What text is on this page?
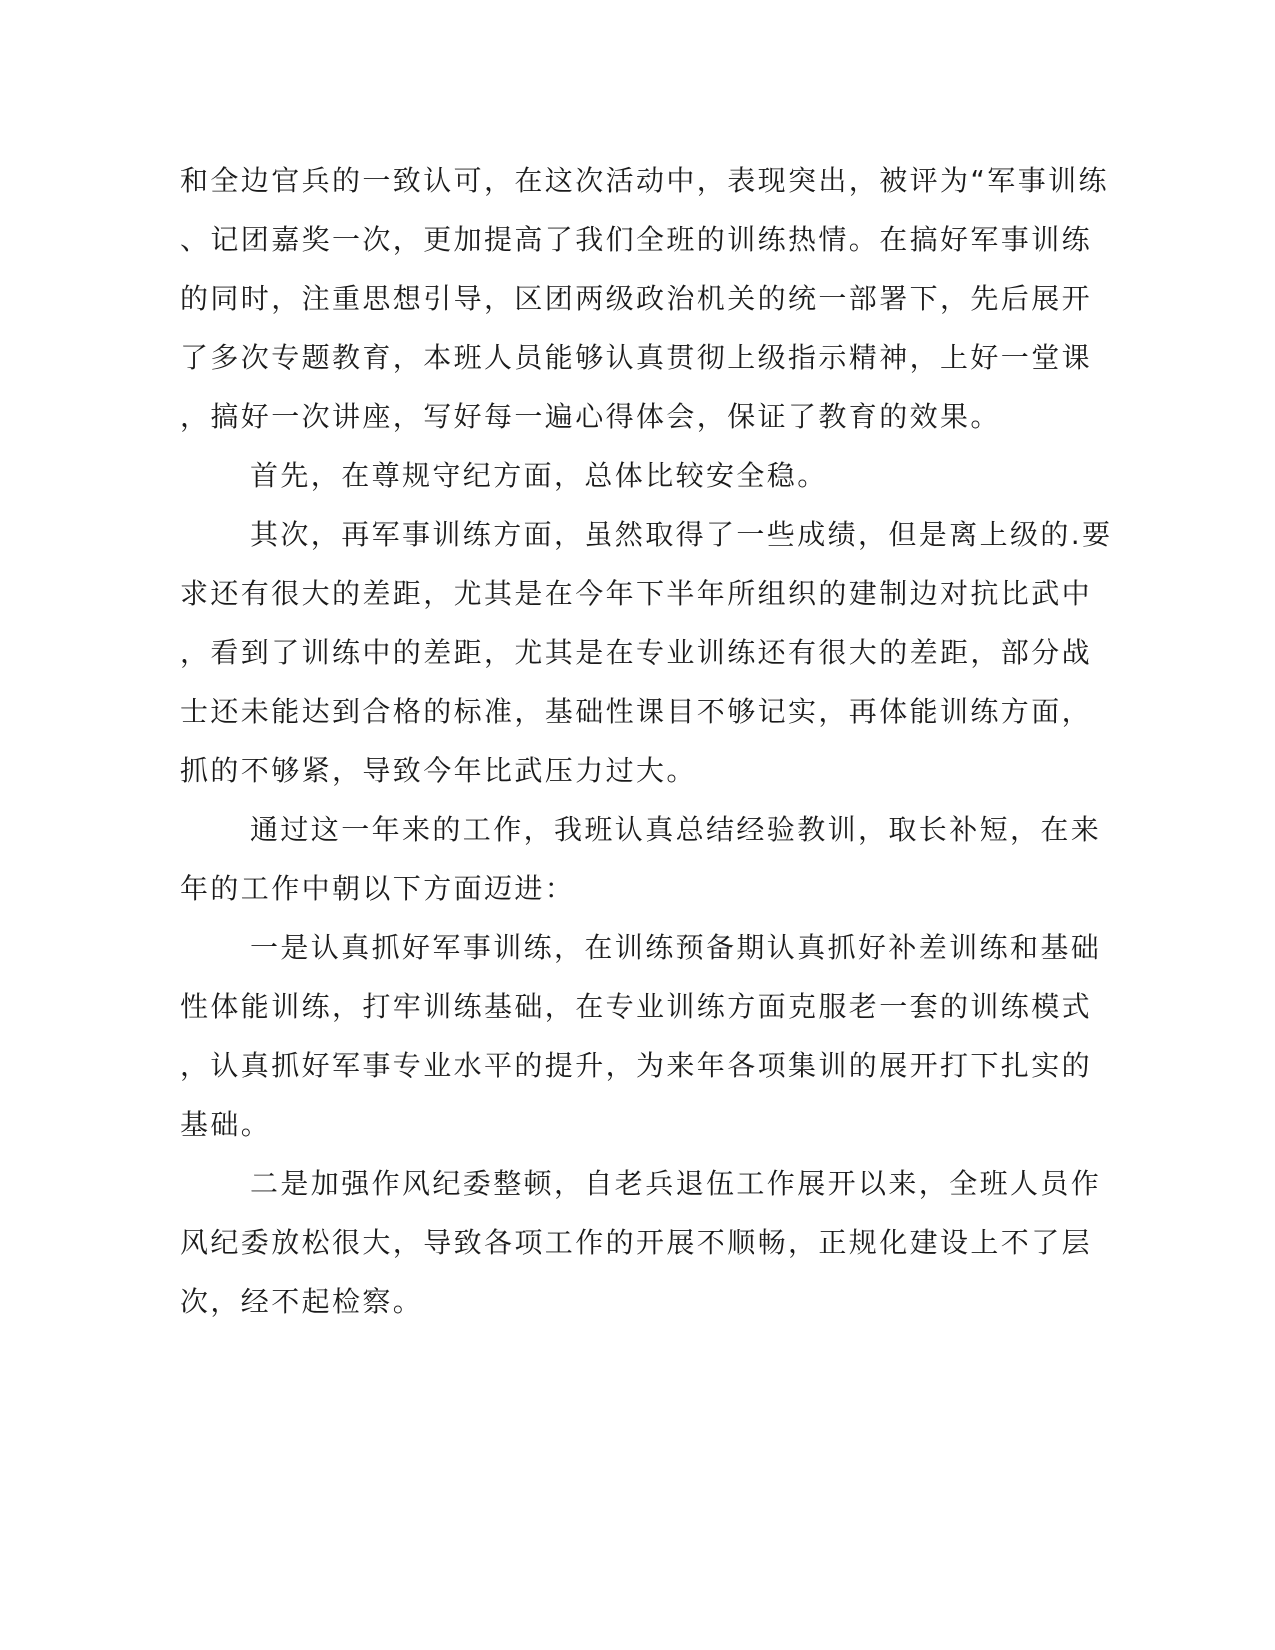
和全边官兵的一致认可，在这次活动中，表现突出，被评为“军事训练
、记团嘉奖一次，更加提高了我们全班的训练热情。在搞好军事训练
的同时，注重思想引导，区团两级政治机关的统一部署下，先后展开
了多次专题教育，本班人员能够认真贯彻上级指示精神，上好一堂课
，搞好一次讲座，写好每一遍心得体会，保证了教育的效果。
首先，在尊规守纪方面，总体比较安全稳。
其次，再军事训练方面，虽然取得了一些成绩，但是离上级的.要
求还有很大的差距，尤其是在今年下半年所组织的建制边对抗比武中
，看到了训练中的差距，尤其是在专业训练还有很大的差距，部分战
士还未能达到合格的标准，基础性课目不够记实，再体能训练方面，
抓的不够紧，导致今年比武压力过大。
通过这一年来的工作，我班认真总结经验教训，取长补短，在来
年的工作中朝以下方面迈进：
一是认真抓好军事训练，在训练预备期认真抓好补差训练和基础
性体能训练，打牢训练基础，在专业训练方面克服老一套的训练模式
，认真抓好军事专业水平的提升，为来年各项集训的展开打下扎实的
基础。
二是加强作风纪委整顿，自老兵退伍工作展开以来，全班人员作
风纪委放松很大，导致各项工作的开展不顺畅，正规化建设上不了层
次，经不起检察。
